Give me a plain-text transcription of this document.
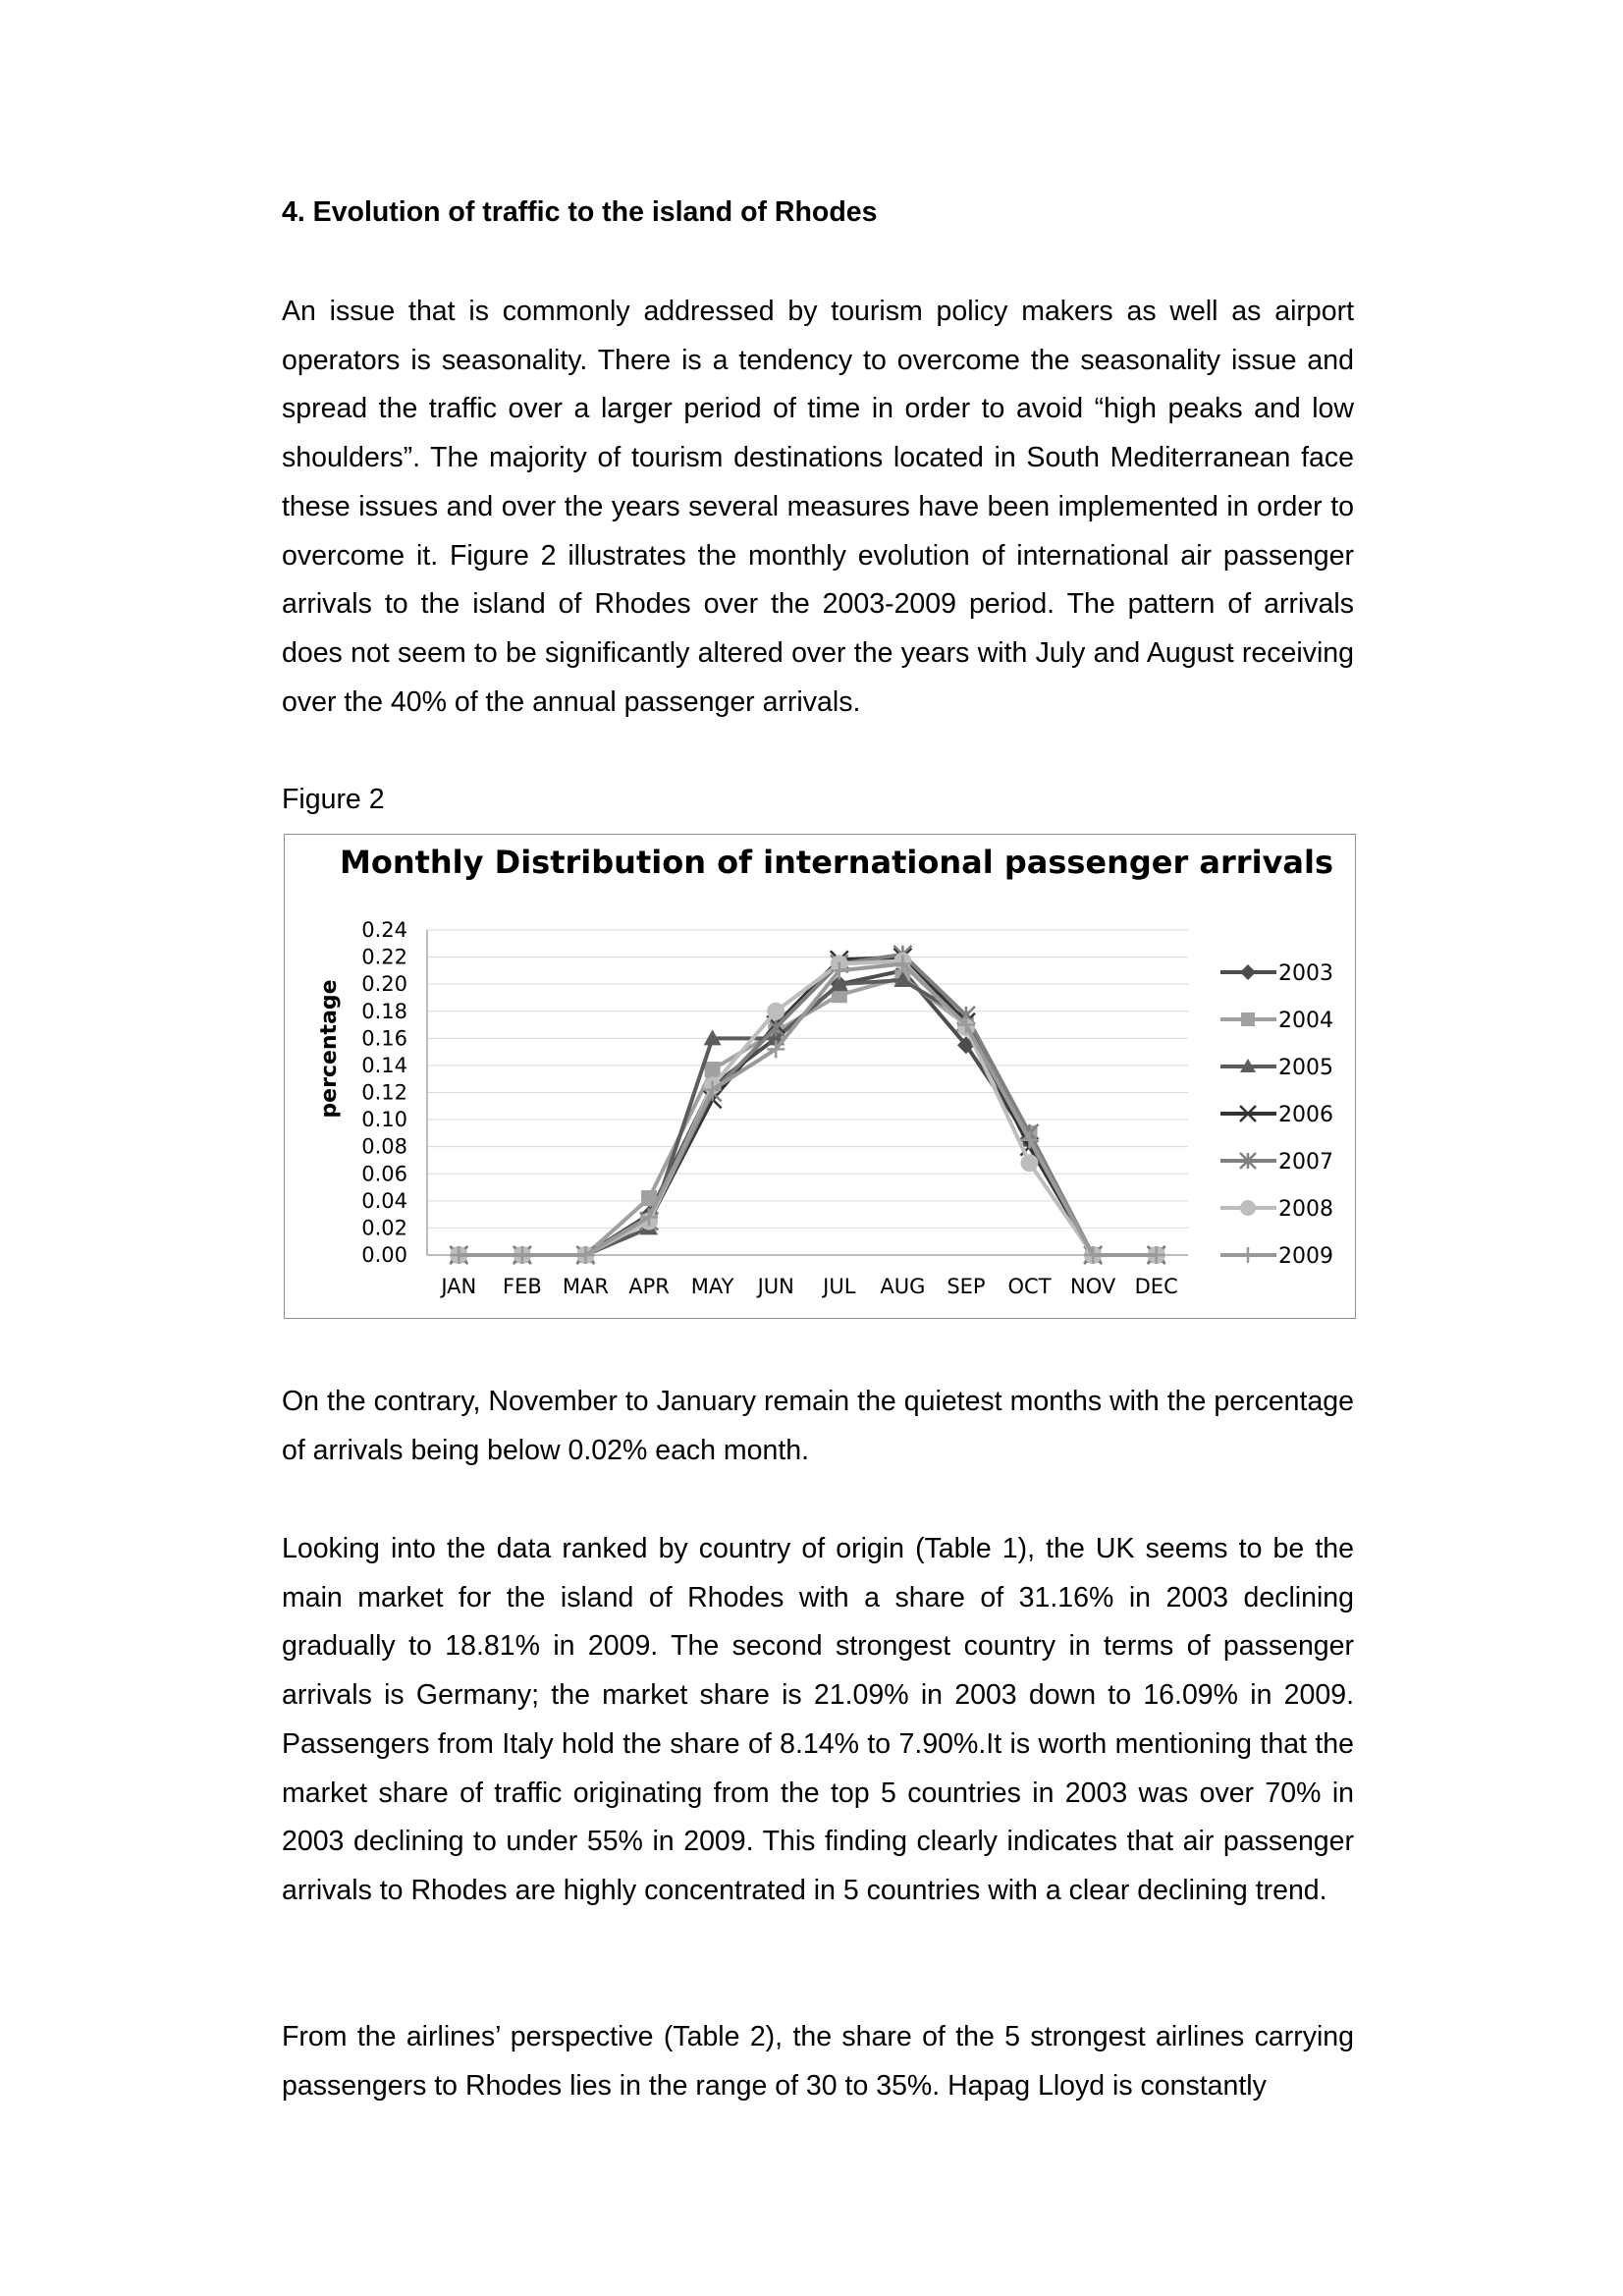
4. Evolution of traffic to the island of Rhodes

An issue that is commonly addressed by tourism policy makers as well as airport operators is seasonality. There is a tendency to overcome the seasonality issue and spread the traffic over a larger period of time in order to avoid “high peaks and low shoulders”. The majority of tourism destinations located in South Mediterranean face these issues and over the years several measures have been implemented in order to overcome it. Figure 2 illustrates the monthly evolution of international air passenger arrivals to the island of Rhodes over the 2003-2009 period. The pattern of arrivals does not seem to be significantly altered over the years with July and August receiving over the 40% of the annual passenger arrivals.

Figure 2

On the contrary, November to January remain the quietest months with the percentage of arrivals being below 0.02% each month.

Looking into the data ranked by country of origin (Table 1), the UK seems to be the main market for the island of Rhodes with a share of 31.16% in 2003 declining gradually to 18.81% in 2009. The second strongest country in terms of passenger arrivals is Germany; the market share is 21.09% in 2003 down to 16.09% in 2009. Passengers from Italy hold the share of 8.14% to 7.90%.It is worth mentioning that the market share of traffic originating from the top 5 countries in 2003 was over 70% in 2003 declining to under 55% in 2009. This finding clearly indicates that air passenger arrivals to Rhodes are highly concentrated in 5 countries with a clear declining trend.

From the airlines’ perspective (Table 2), the share of the 5 strongest airlines carrying passengers to Rhodes lies in the range of 30 to 35%. Hapag Lloyd is constantly

Monthly Distribution of international passenger arrivals
percentage
0.00
0.02
0.04
0.06
0.08
0.10
0.12
0.14
0.16
0.18
0.20
0.22
0.24
JAN FEB MAR APR MAY JUN JUL AUG SEP OCT NOV DEC
2003
2004
2005
2006
2007
2008
2009
